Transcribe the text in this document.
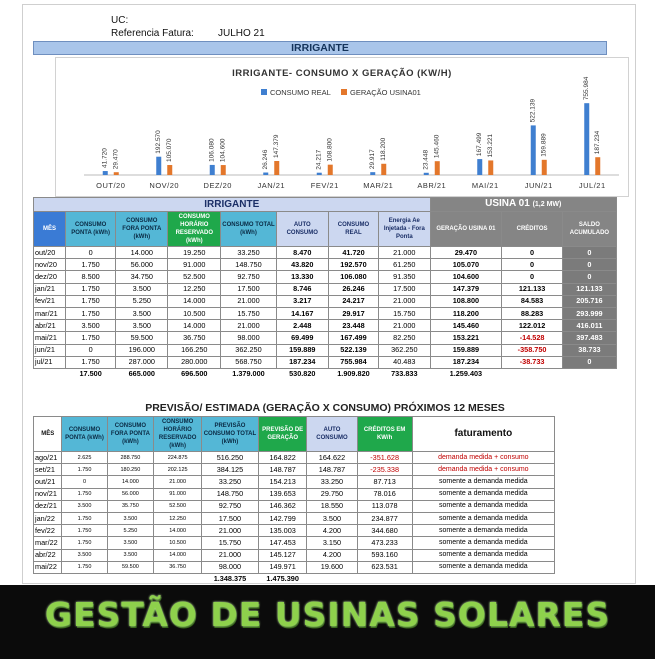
UC:
Referencia Fatura: JULHO 21
IRRIGANTE
IRRIGANTE- CONSUMO X GERAÇÃO (KW/H)
CONSUMO REAL	GERAÇÃO USINA01
41.720 29.470
OUT/20
192.570 105.070
NOV/20
106.080 104.600
DEZ/20
26.246
147.379
JAN/21
24.217 108.800
FEV/21
29.917 118.200
MAR/21
23.448
145.460
ABR/21
167.499 153.221
MAI/21
522.139
159.889
JUN/21
755.984
187.234
JUL/21
IRRIGANTE								USINA 01 (1,2 MW)		
MÊS	CONSUMO PONTA (kWh)	CONSUMO FORA PONTA (kWh)	CONSUMO HORÁRIO RESERVADO (kWh)	CONSUMO TOTAL (kWh)	AUTO CONSUMO	CONSUMO REAL	Energia Ae Injetada - Fora Ponta	GERAÇÃO USINA 01	CRÉDITOS	SALDO ACUMULADO
out/20	0	14.000	19.250	33.250	8.470	41.720	21.000	29.470	0	0
nov/20	1.750	56.000	91.000	148.750	43.820	192.570	61.250	105.070	0	0
dez/20	8.500	34.750	52.500	92.750	13.330	106.080	91.350	104.600	0	0
jan/21	1.750	3.500	12.250	17.500	8.746	26.246	17.500	147.379	121.133	121.133
fev/21	1.750	5.250	14.000	21.000	3.217	24.217	21.000	108.800	84.583	205.716
mar/21	1.750	3.500	10.500	15.750	14.167	29.917	15.750	118.200	88.283	293.999
abr/21	3.500	3.500	14.000	21.000	2.448	23.448	21.000	145.460	122.012	416.011
mai/21	1.750	59.500	36.750	98.000	69.499	167.499	82.250	153.221	-14.528	397.483
jun/21	0	196.000	166.250	362.250	159.889	522.139	362.250	159.889	-358.750	38.733
jul/21	1.750	287.000	280.000	568.750	187.234	755.984	40.483	187.234	-38.733	0
	17.500	665.000	696.500	1.379.000	530.820	1.909.820	733.833	1.259.403		
PREVISÃO/ ESTIMADA (GERAÇÃO X CONSUMO) PRÓXIMOS 12 MESES
MÊS	CONSUMO PONTA (kWh)	CONSUMO FORA PONTA (kWh)	CONSUMO HORÁRIO RESERVADO (kWh)	PREVISÃO CONSUMO TOTAL (kWh)	PREVISÃO DE GERAÇÃO	AUTO CONSUMO	CRÉDITOS EM KW/h	faturamento
ago/21	2.625	288.750	224.875	516.250	164.822	164.622	-351.628	demanda medida + consumo
set/21	1.750	180.250	202.125	384.125	148.787	148.787	-235.338	demanda medida + consumo
out/21	0	14.000	21.000	33.250	154.213	33.250	87.713	somente a demanda medida
nov/21	1.750	56.000	91.000	148.750	139.653	29.750	78.016	somente a demanda medida
dez/21	3.500	35.750	52.500	92.750	146.362	18.550	113.078	somente a demanda medida
jan/22	1.750	3.500	12.250	17.500	142.799	3.500	234.877	somente a demanda medida
fev/22	1.750	5.250	14.000	21.000	135.003	4.200	344.680	somente a demanda medida
mar/22	1.750	3.500	10.500	15.750	147.453	3.150	473.233	somente a demanda medida
abr/22	3.500	3.500	14.000	21.000	145.127	4.200	593.160	somente a demanda medida
mai/22	1.750	59.500	36.750	98.000	149.971	19.600	623.531	somente a demanda medida
				1.348.375	1.475.390			
GESTÃO DE USINAS SOLARES
